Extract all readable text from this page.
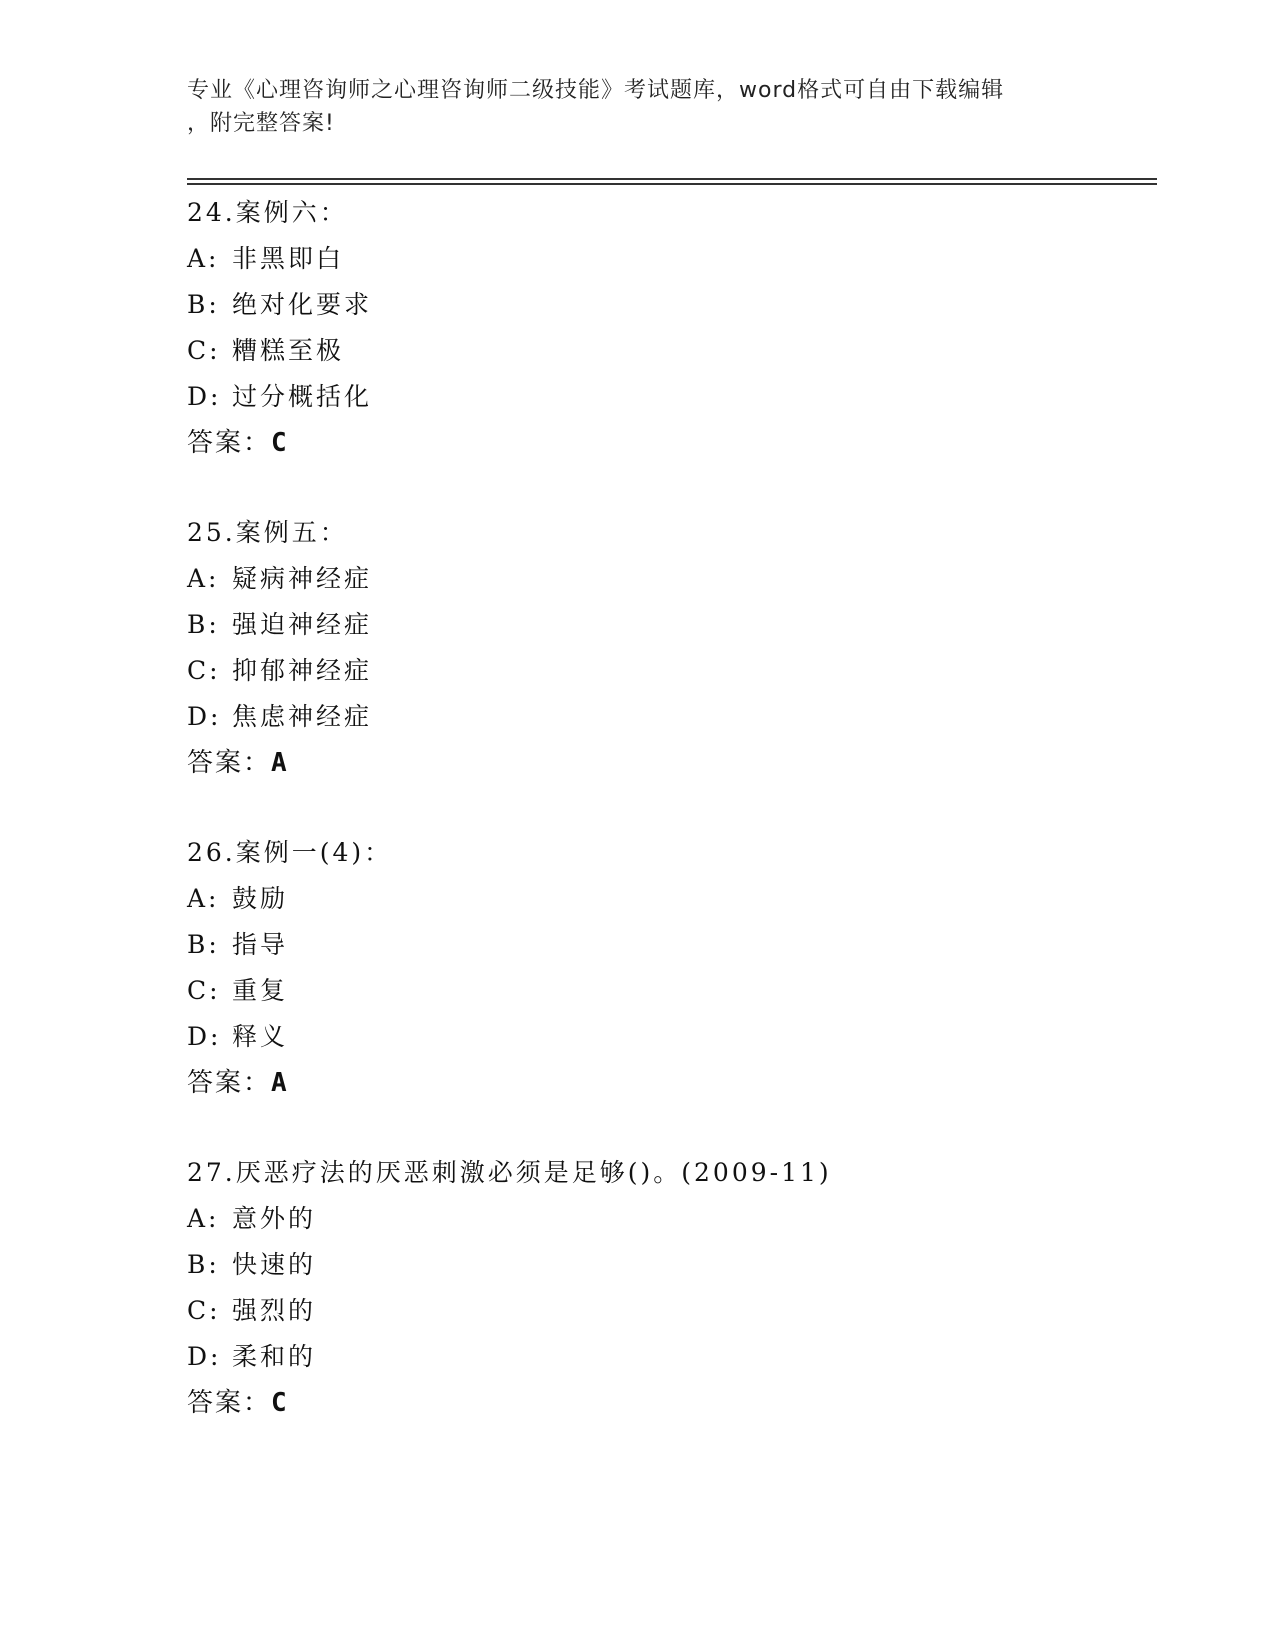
专业《心理咨询师之心理咨询师二级技能》考试题库，word格式可自由下载编辑
，附完整答案!
24.案例六：
A: 非黑即白
B: 绝对化要求
C: 糟糕至极
D: 过分概括化
答案：C
25.案例五：
A: 疑病神经症
B: 强迫神经症
C: 抑郁神经症
D: 焦虑神经症
答案：A
26.案例一(4)：
A: 鼓励
B: 指导
C: 重复
D: 释义
答案：A
27.厌恶疗法的厌恶刺激必须是足够()。(2009-11)
A: 意外的
B: 快速的
C: 强烈的
D: 柔和的
答案：C
